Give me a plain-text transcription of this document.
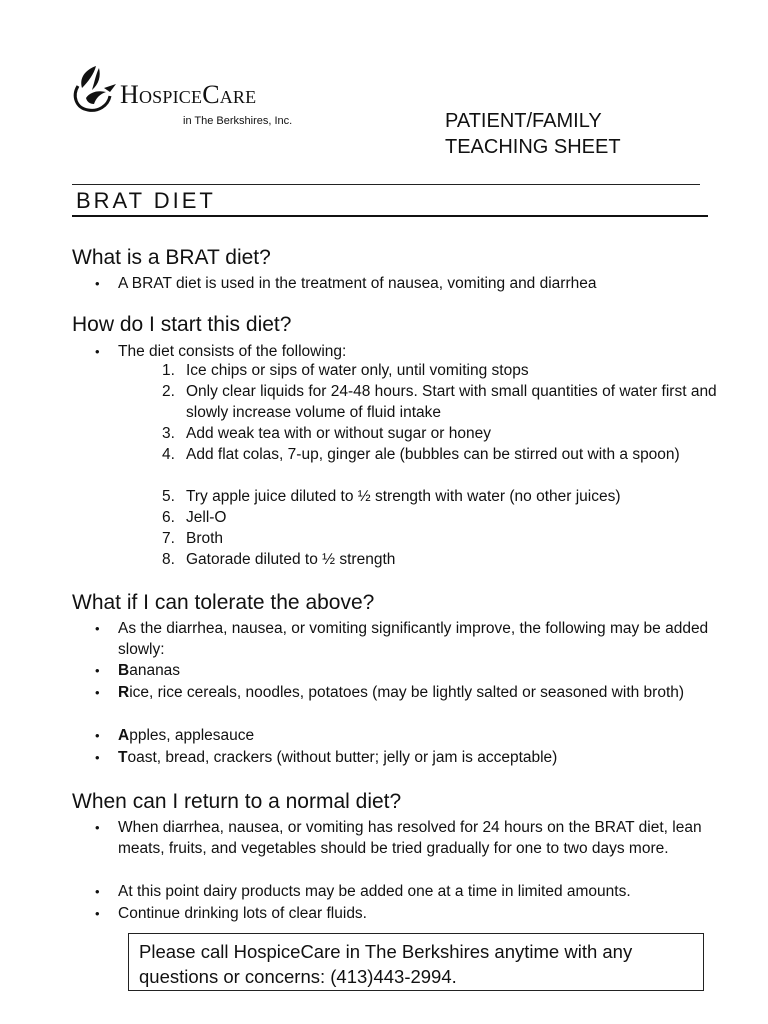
HospiceCare
in The Berkshires, Inc.	PATIENT/FAMILY
TEACHING SHEET
BRAT DIET
What is a BRAT diet?
• A BRAT diet is used in the treatment of nausea, vomiting and diarrhea
How do I start this diet?
• The diet consists of the following:
1. Ice chips or sips of water only, until vomiting stops
2. Only clear liquids for 24-48 hours. Start with small quantities of water first and slowly increase volume of fluid intake
3. Add weak tea with or without sugar or honey
4. Add flat colas, 7-up, ginger ale (bubbles can be stirred out with a spoon)
5. Try apple juice diluted to ½ strength with water (no other juices)
6. Jell-O
7. Broth
8. Gatorade diluted to ½ strength
What if I can tolerate the above?
• As the diarrhea, nausea, or vomiting significantly improve, the following may be added slowly:
• Bananas
• Rice, rice cereals, noodles, potatoes (may be lightly salted or seasoned with broth)
• Apples, applesauce
• Toast, bread, crackers (without butter; jelly or jam is acceptable)
When can I return to a normal diet?
• When diarrhea, nausea, or vomiting has resolved for 24 hours on the BRAT diet, lean meats, fruits, and vegetables should be tried gradually for one to two days more.
• At this point dairy products may be added one at a time in limited amounts.
• Continue drinking lots of clear fluids.
Please call HospiceCare in The Berkshires anytime with any questions or concerns: (413)443-2994.
